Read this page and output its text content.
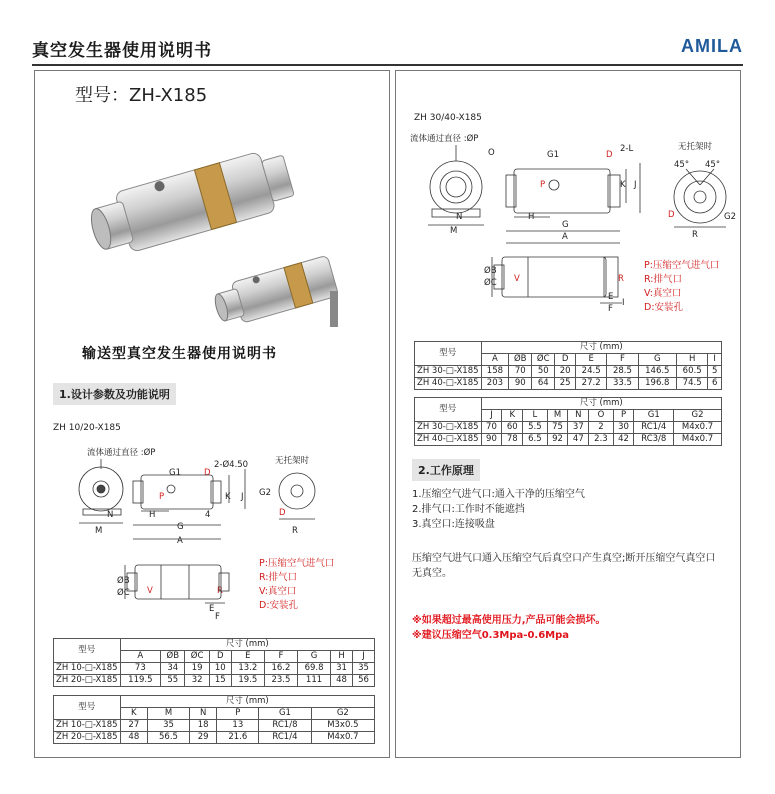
真空发生器使用说明书	AMILA
型号：ZH-X185
输送型真空发生器使用说明书
1.设计参数及功能说明
ZH 10/20-X185
流体通过直径 :ØP
无托架时
2-Ø4.50
G1
P
D
K J
H
G
A
N
M
4
G2
R
D
ØB
ØC V	R
E
F
P:压缩空气进气口
R:排气口
V:真空口
D:安装孔
型号	尺寸 (mm)								
	A	ØB	ØC	D	E	F	G	H	J
ZH 10-□-X185	73	34	19	10	13.2	16.2	69.8	31	35
ZH 20-□-X185	119.5	55	32	15	19.5	23.5	111	48	56
型号	尺寸 (mm)					
	K	M	N	P	G1	G2
ZH 10-□-X185	27	35	18	13	RC1/8	M3x0.5
ZH 20-□-X185	48	56.5	29	21.6	RC1/4	M4x0.7
ZH 30/40-X185
流体通过直径 :ØP
O	G1	D
2-L	无托架时
45° 45°
P	K J
H
G
A
N
M	R
D	G2
ØB
ØC V	R
E
F
I
P:压缩空气进气口
R:排气口
V:真空口
D:安装孔
型号	尺寸 (mm)								
	A	ØB	ØC	D	E	F	G	H	I
ZH 30-□-X185	158	70	50	20	24.5	28.5	146.5	60.5	5
ZH 40-□-X185	203	90	64	25	27.2	33.5	196.8	74.5	6
型号	尺寸 (mm)								
	J	K	L	M	N	O	P	G1	G2
ZH 30-□-X185	70	60	5.5	75	37	2	30	RC1/4	M4x0.7
ZH 40-□-X185	90	78	6.5	92	47	2.3	42	RC3/8	M4x0.7
2.工作原理
1.压缩空气进气口:通入干净的压缩空气
2.排气口:工作时不能遮挡
3.真空口:连接吸盘
压缩空气进气口通入压缩空气后真空口产生真空;断开压缩空气真空口无真空。
※如果超过最高使用压力,产品可能会损坏。
※建议压缩空气0.3Mpa-0.6Mpa
